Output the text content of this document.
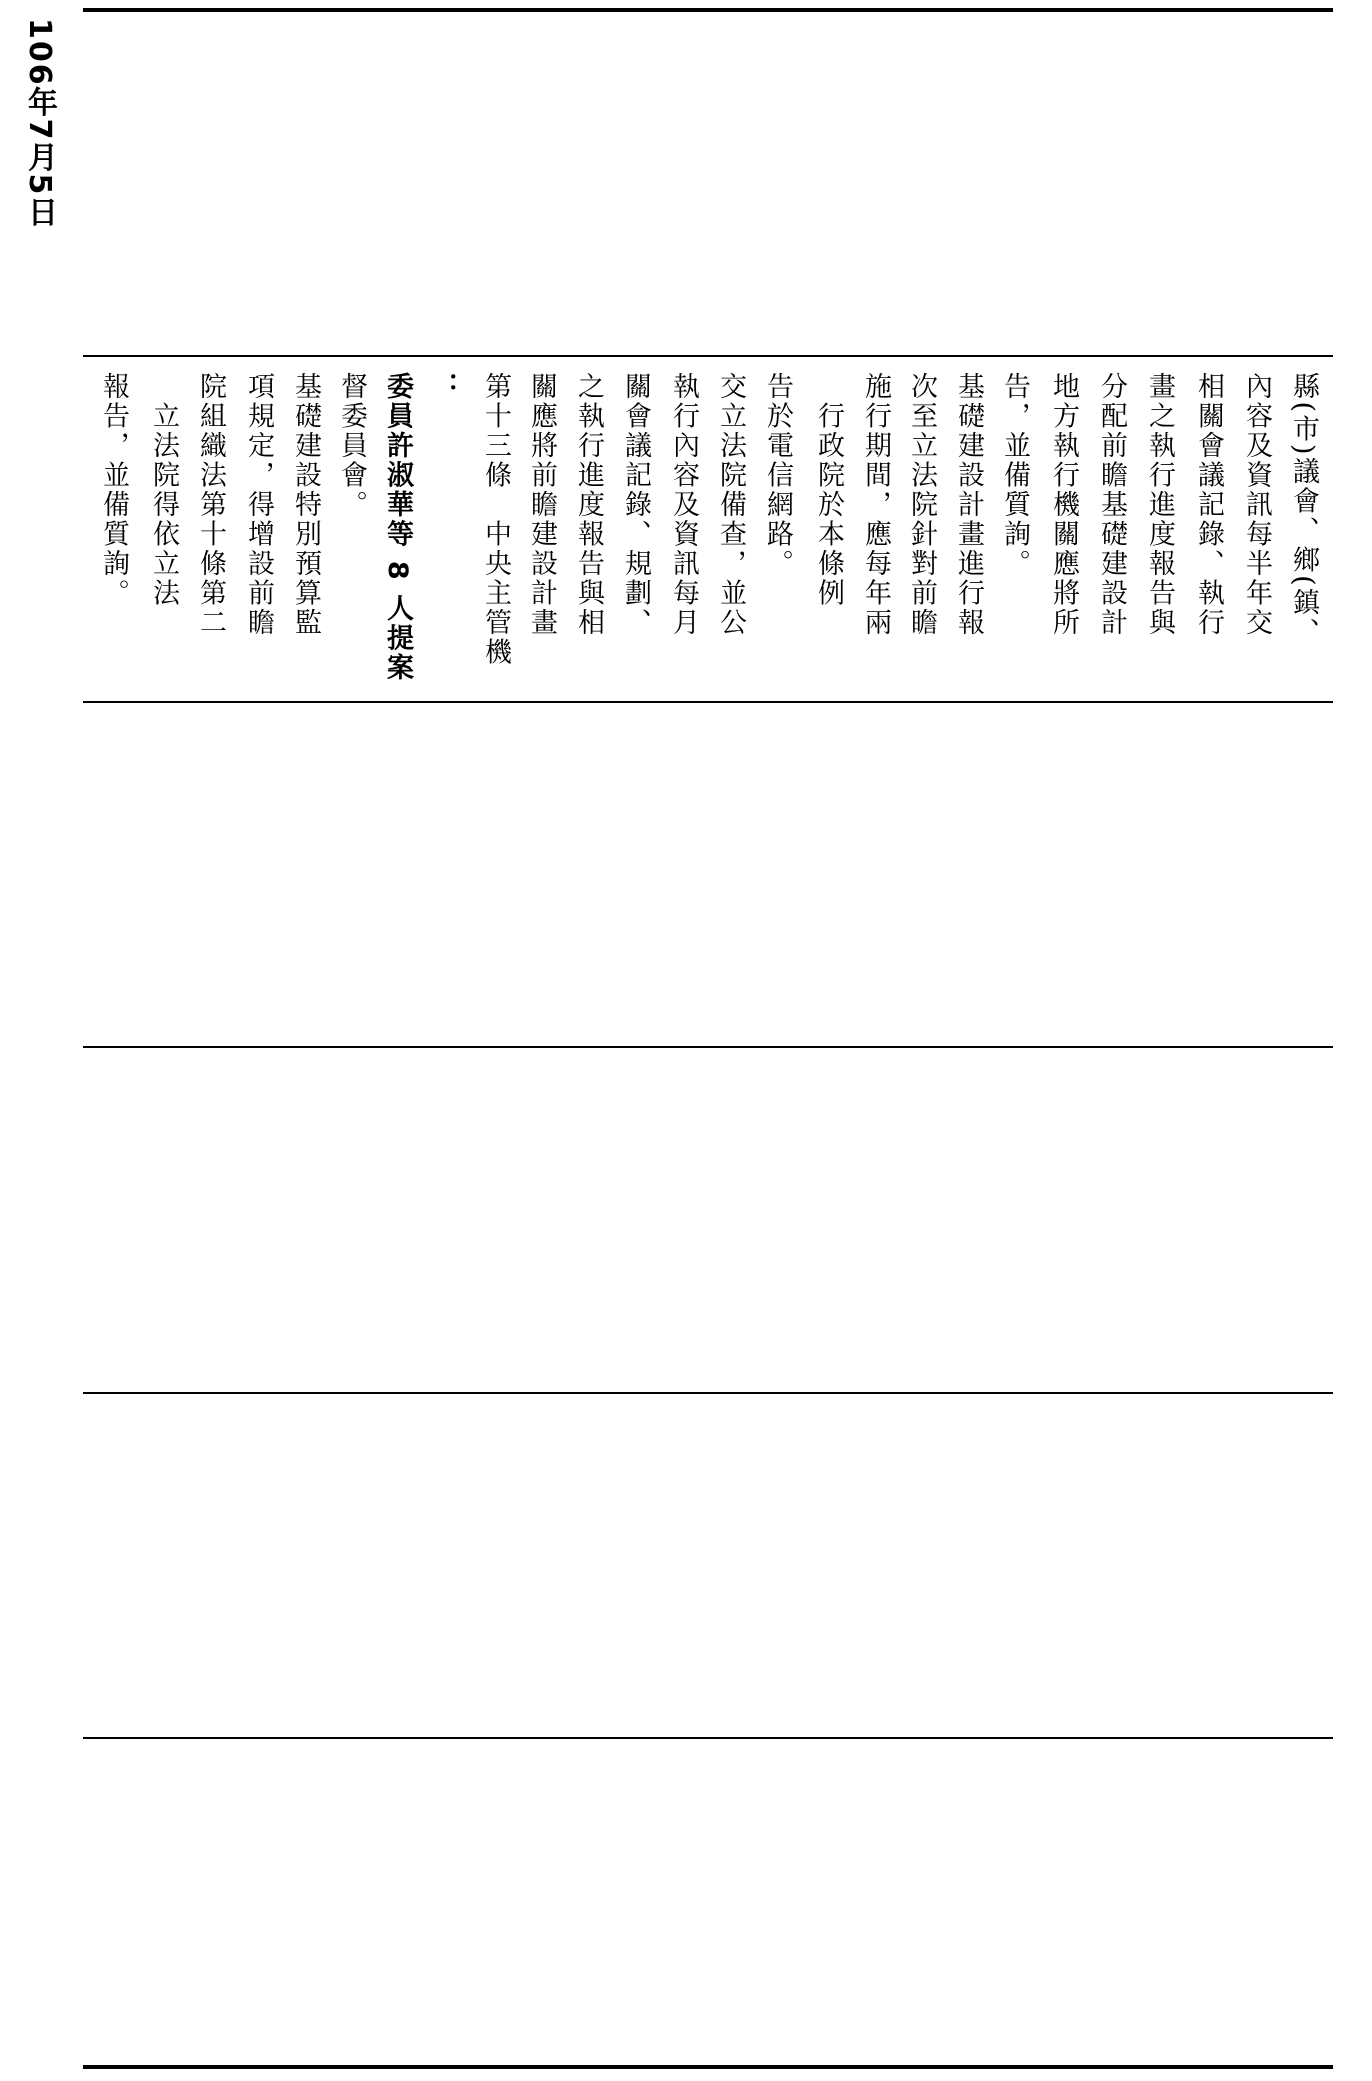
106年7月5日
報告，並備質詢。 　立法院得依立法 院組織法第十條第二 項規定，得增設前瞻 基礎建設特別預算監 督委員會。 委員許淑華等 8 人提案 ： 第十三條　中央主管機 關應將前瞻建設計畫 之執行進度報告與相 關會議記錄、規劃、 執行內容及資訊每月 交立法院備查，並公 告於電信網路。 　行政院於本條例 施行期間，應每年兩 次至立法院針對前瞻 基礎建設計畫進行報 告，並備質詢。 地方執行機關應將所 分配前瞻基礎建設計 畫之執行進度報告與 相關會議記錄、執行 內容及資訊每半年交 縣(市)議會、鄉(鎮、
